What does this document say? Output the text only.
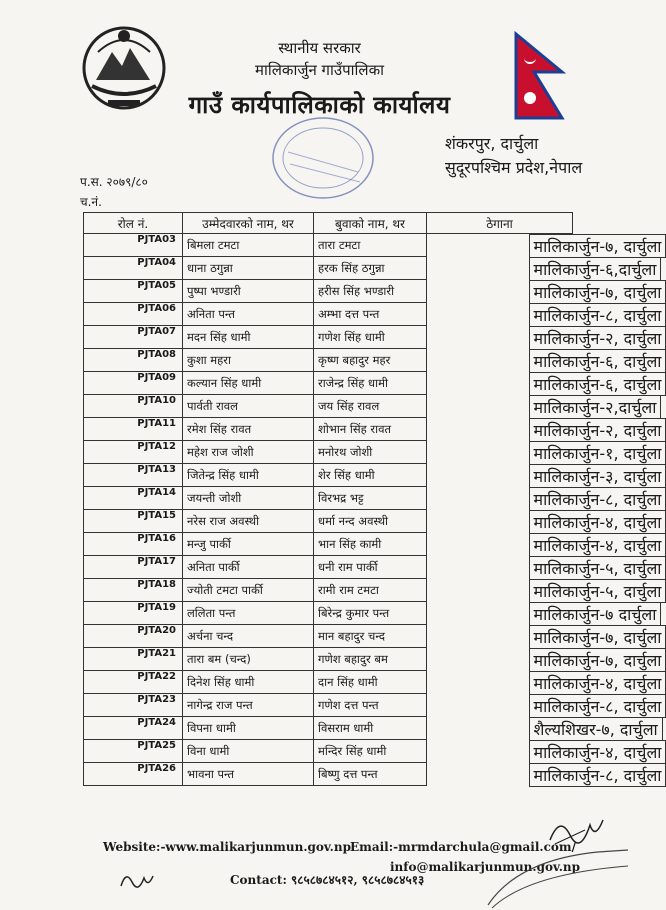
स्थानीय सरकार
मालिकार्जुन गाउँपालिका
गाउँ कार्यपालिकाको कार्यालय
शंकरपुर, दार्चुला
सुदूरपश्चिम प्रदेश,नेपाल
प.स. २०७९/८०
च.नं.
रोल नं.	उम्मेदवारको नाम, थर	बुवाको नाम, थर	ठेगाना
PJTA03	बिमला टमटा	तारा टमटा		मालिकार्जुन-७, दार्चुला

PJTA04	धाना ठगुन्ना	हरक सिंह ठगुन्ना		मालिकार्जुन-६,दार्चुला

PJTA05	पुष्पा भण्डारी	हरीस सिंह भण्डारी		मालिकार्जुन-७, दार्चुला

PJTA06	अनिता पन्त	अम्भा दत्त पन्त		मालिकार्जुन-८, दार्चुला

PJTA07	मदन सिंह धामी	गणेश सिंह धामी		मालिकार्जुन-२, दार्चुला

PJTA08	कुशा महरा	कृष्ण बहादुर महर		मालिकार्जुन-६, दार्चुला

PJTA09	कल्यान सिंह धामी	राजेन्द्र सिंह धामी		मालिकार्जुन-६, दार्चुला

PJTA10	पार्वती रावल	जय सिंह रावल		मालिकार्जुन-२,दार्चुला

PJTA11	रमेश सिंह रावत	शोभान सिंह रावत		मालिकार्जुन-२, दार्चुला

PJTA12	महेश राज जोशी	मनोरथ जोशी		मालिकार्जुन-१, दार्चुला

PJTA13	जितेन्द्र सिंह धामी	शेर सिंह धामी		मालिकार्जुन-३, दार्चुला

PJTA14	जयन्ती जोशी	विरभद्र भट्ट		मालिकार्जुन-८, दार्चुला

PJTA15	नरेस राज अवस्थी	धर्मा नन्द अवस्थी		मालिकार्जुन-४, दार्चुला

PJTA16	मन्जु पार्की	भान सिंह कामी		मालिकार्जुन-४, दार्चुला

PJTA17	अनिता पार्की	धनी राम पार्की		मालिकार्जुन-५, दार्चुला

PJTA18	ज्योती टमटा पार्की	रामी राम टमटा		मालिकार्जुन-५, दार्चुला

PJTA19	ललिता पन्त	बिरेन्द्र कुमार पन्त		मालिकार्जुन-७ दार्चुला

PJTA20	अर्चना चन्द	मान बहादुर चन्द		मालिकार्जुन-७, दार्चुला

PJTA21	तारा बम (चन्द)	गणेश बहादुर बम		मालिकार्जुन-७, दार्चुला

PJTA22	दिनेश सिंह धामी	दान सिंह धामी		मालिकार्जुन-४, दार्चुला

PJTA23	नागेन्द्र राज पन्त	गणेश दत्त पन्त		मालिकार्जुन-८, दार्चुला

PJTA24	विपना धामी	विसराम धामी		शैल्यशिखर-७, दार्चुला

PJTA25	विना धामी	मन्दिर सिंह धामी		मालिकार्जुन-४, दार्चुला

PJTA26	भावना पन्त	बिष्णु दत्त पन्त		मालिकार्जुन-८, दार्चुला
Website:-www.malikarjunmun.gov.np Email:-mrmdarchula@gmail.com/
info@malikarjunmun.gov.np
Contact: ९८५८७८४५१२, ९८५८७८४५१३
